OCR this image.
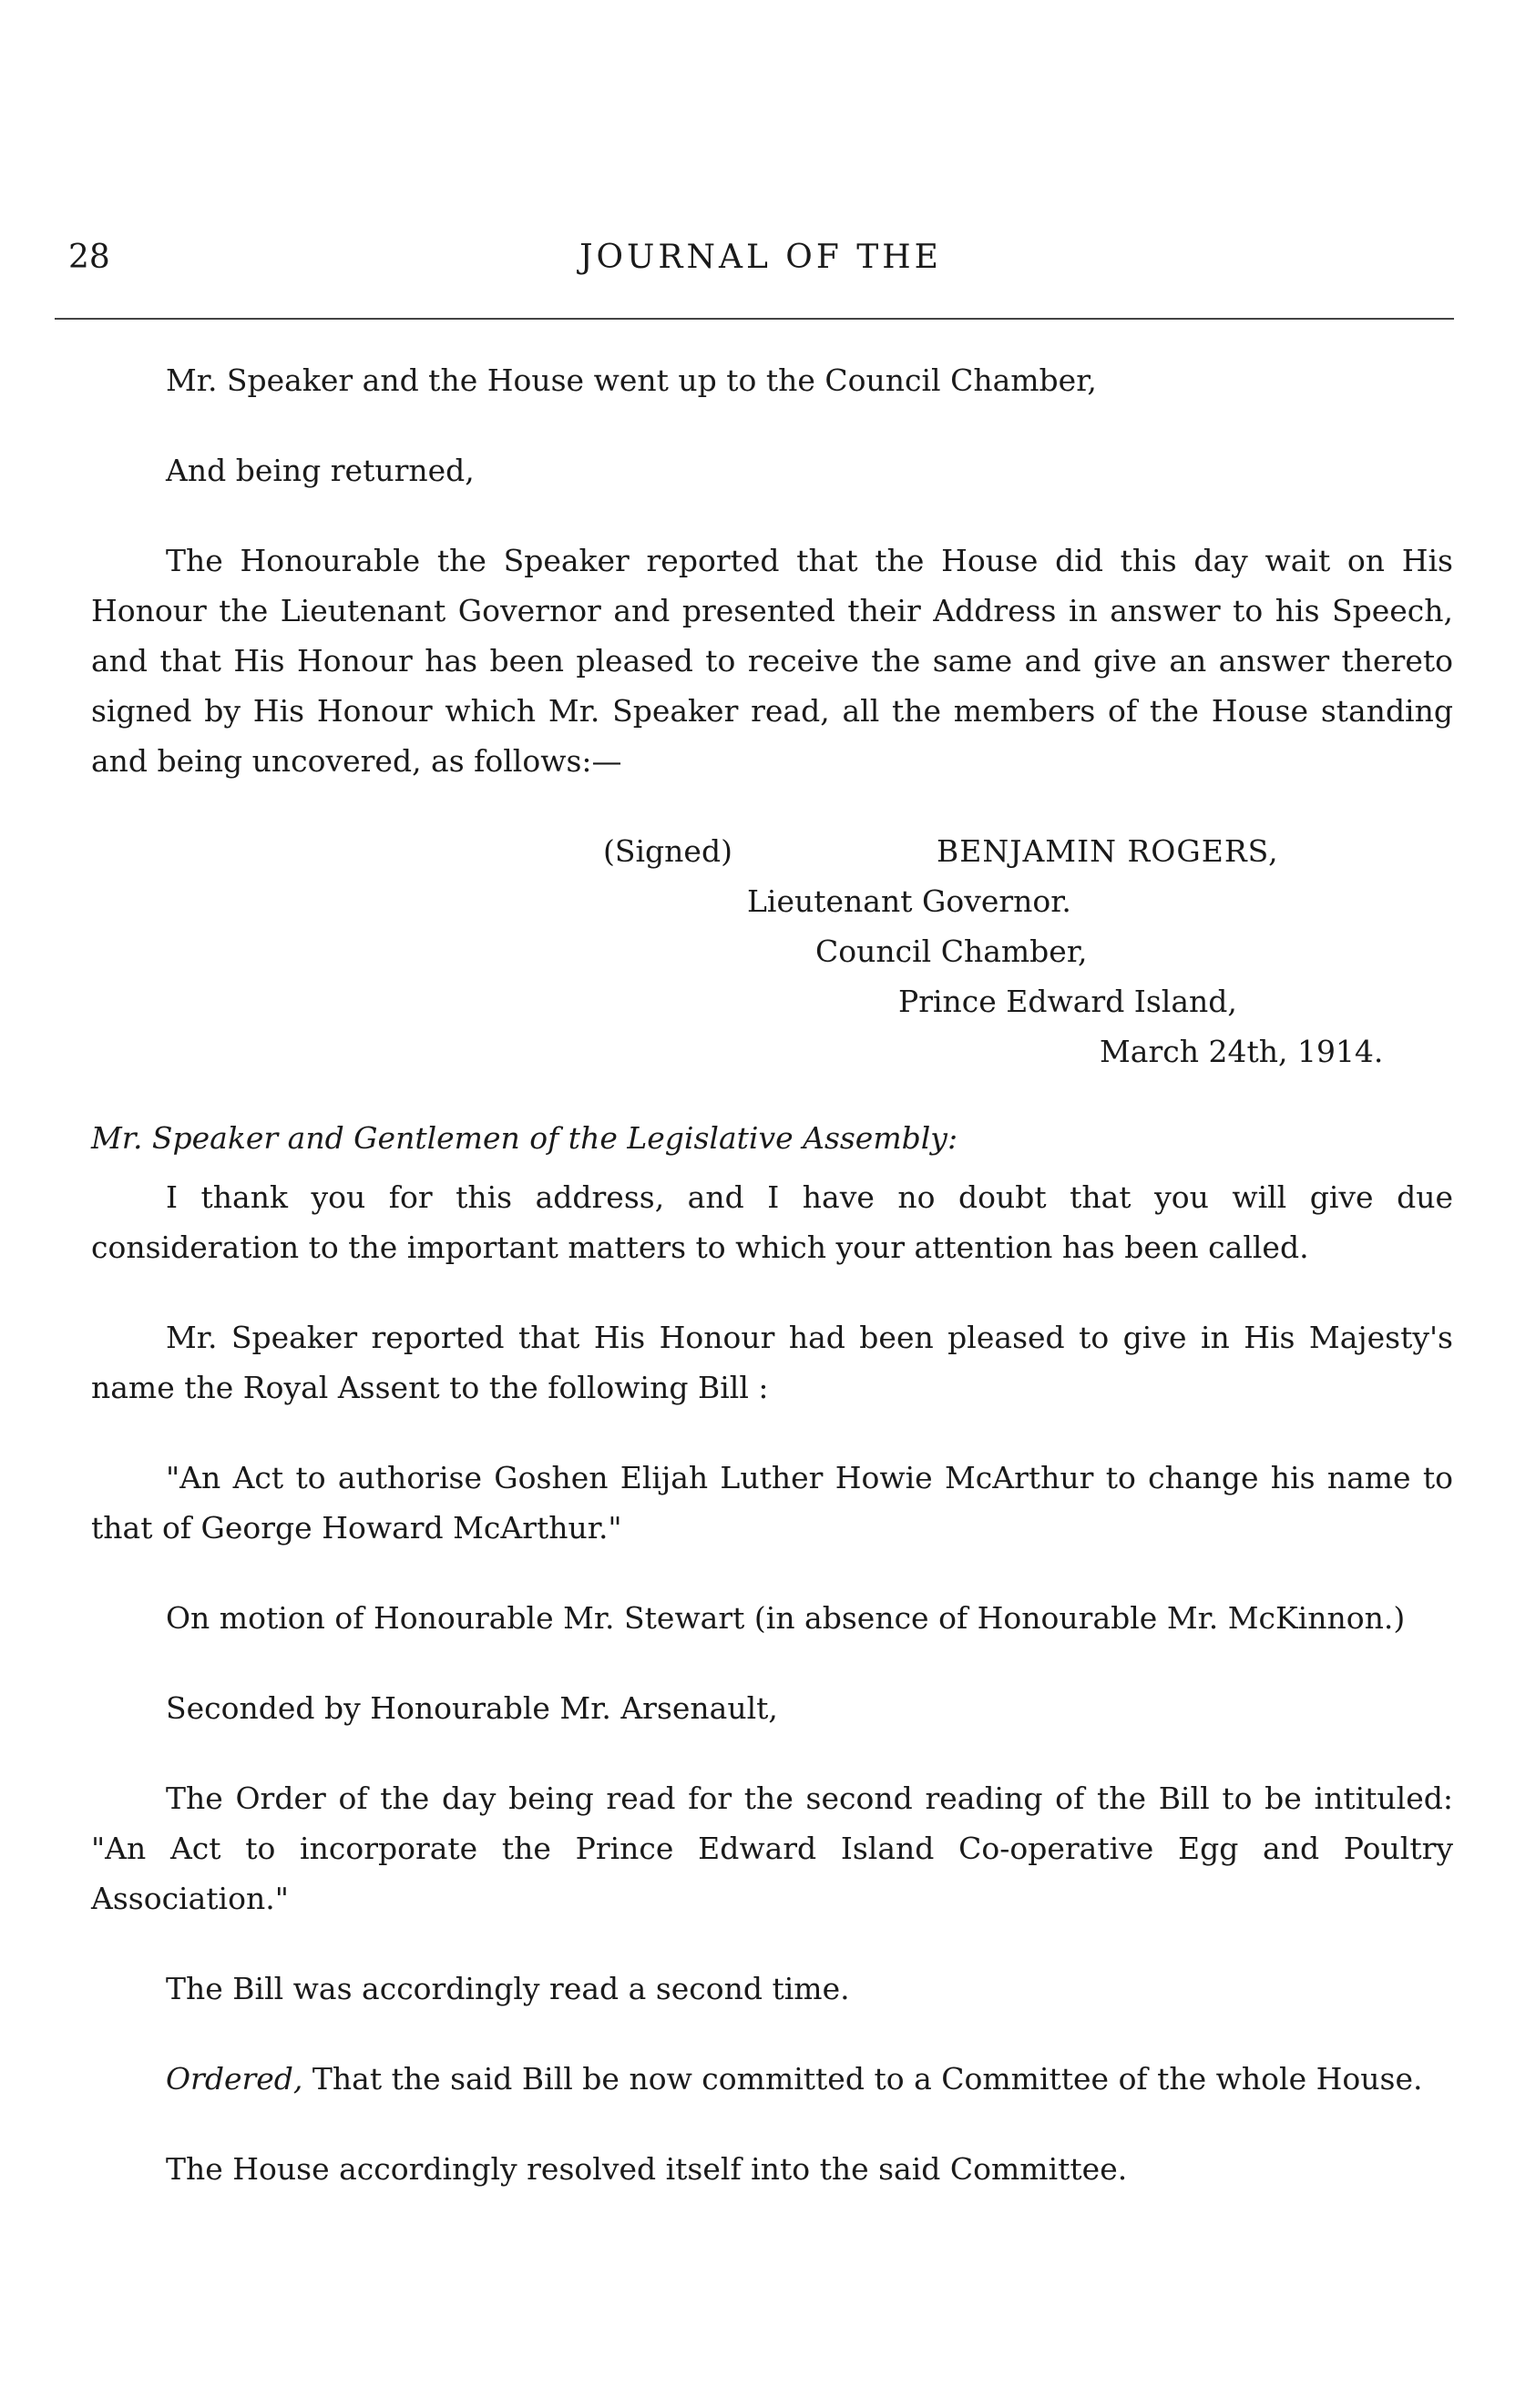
28	JOURNAL OF THE

Mr. Speaker and the House went up to the Council Chamber,

And being returned,

The Honourable the Speaker reported that the House did this day wait on His Honour the Lieutenant Governor and presented their Address in answer to his Speech, and that His Honour has been pleased to receive the same and give an answer thereto signed by His Honour which Mr. Speaker read, all the members of the House standing and being uncovered, as follows:—

(Signed)	BENJAMIN ROGERS,
Lieutenant Governor.
Council Chamber,
Prince Edward Island,
March 24th, 1914.

Mr. Speaker and Gentlemen of the Legislative Assembly:

I thank you for this address, and I have no doubt that you will give due consideration to the important matters to which your attention has been called.

Mr. Speaker reported that His Honour had been pleased to give in His Majesty's name the Royal Assent to the following Bill :

"An Act to authorise Goshen Elijah Luther Howie McArthur to change his name to that of George Howard McArthur."

On motion of Honourable Mr. Stewart (in absence of Honourable Mr. McKinnon.)

Seconded by Honourable Mr. Arsenault,

The Order of the day being read for the second reading of the Bill to be intituled: "An Act to incorporate the Prince Edward Island Co-operative Egg and Poultry Association."

The Bill was accordingly read a second time.

Ordered, That the said Bill be now committed to a Committee of the whole House.

The House accordingly resolved itself into the said Committee.
